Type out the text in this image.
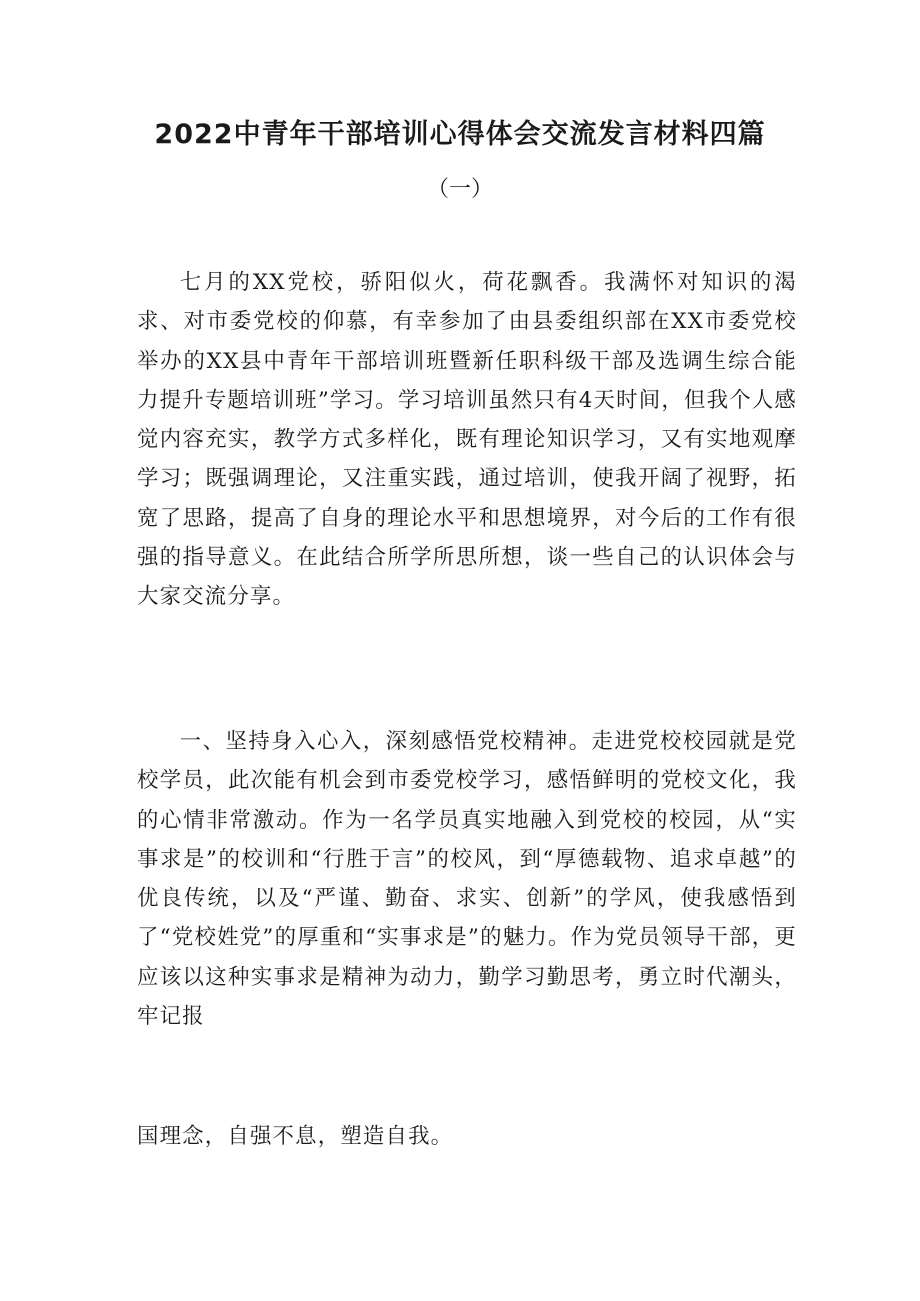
2022中青年干部培训心得体会交流发言材料四篇

（一）

七月的XX党校，骄阳似火，荷花飘香。我满怀对知识的渴求、对市委党校的仰慕，有幸参加了由县委组织部在XX市委党校举办的XX县中青年干部培训班暨新任职科级干部及选调生综合能力提升专题培训班”学习。学习培训虽然只有4天时间，但我个人感觉内容充实，教学方式多样化，既有理论知识学习，又有实地观摩学习；既强调理论，又注重实践，通过培训，使我开阔了视野，拓宽了思路，提高了自身的理论水平和思想境界，对今后的工作有很强的指导意义。在此结合所学所思所想，谈一些自己的认识体会与大家交流分享。

一、坚持身入心入，深刻感悟党校精神。走进党校校园就是党校学员，此次能有机会到市委党校学习，感悟鲜明的党校文化，我的心情非常激动。作为一名学员真实地融入到党校的校园，从“实事求是”的校训和“行胜于言”的校风，到“厚德载物、追求卓越”的优良传统，以及“严谨、勤奋、求实、创新”的学风，使我感悟到了“党校姓党”的厚重和“实事求是”的魅力。作为党员领导干部，更应该以这种实事求是精神为动力，勤学习勤思考，勇立时代潮头，牢记报

国理念，自强不息，塑造自我。
